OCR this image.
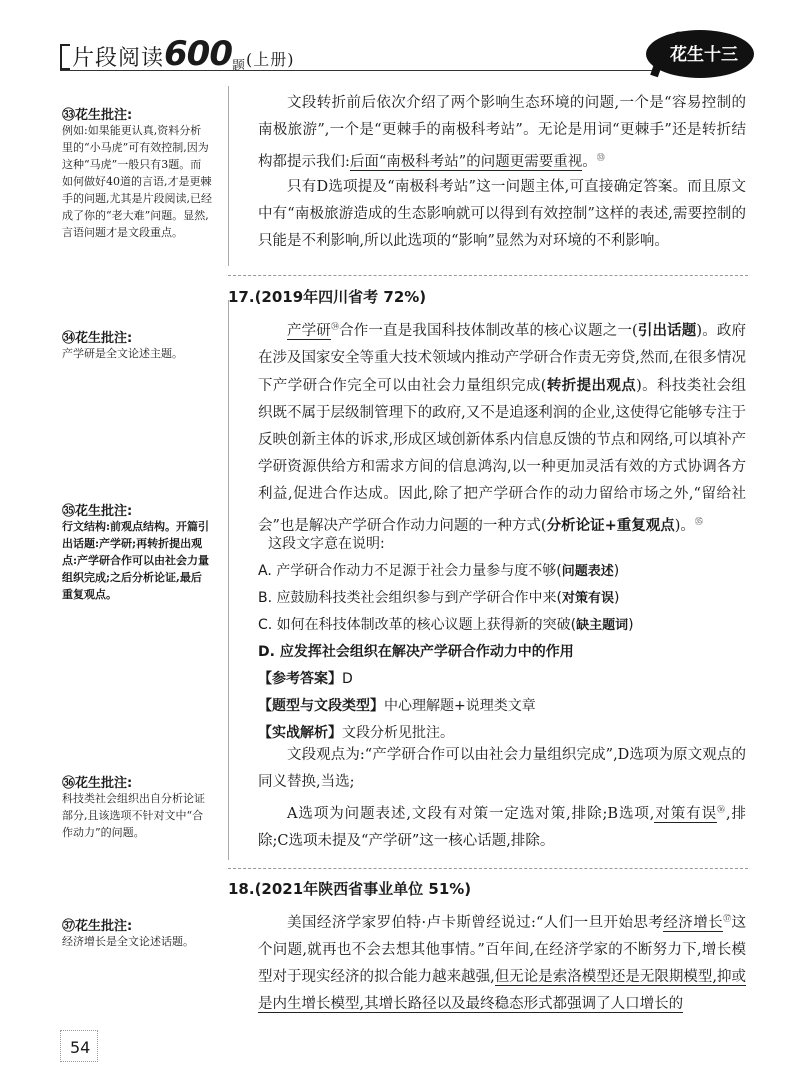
片段阅读600题(上册)	花生十三
㉝花生批注:
例如:如果能更认真,资料分析里的“小马虎”可有效控制,因为这种“马虎”一般只有3题。而如何做好40道的言语,才是更棘手的问题,尤其是片段阅读,已经成了你的“老大难”问题。显然,言语问题才是文段重点。
㉞花生批注:
产学研是全文论述主题。
㉟花生批注:
行文结构:前观点结构。开篇引出话题:产学研;再转折提出观点:产学研合作可以由社会力量组织完成;之后分析论证,最后重复观点。
㊱花生批注:
科技类社会组织出自分析论证部分,且该选项不针对文中“合作动力”的问题。
㊲花生批注:
经济增长是全文论述话题。
文段转折前后依次介绍了两个影响生态环境的问题,一个是“容易控制的南极旅游”,一个是“更棘手的南极科考站”。无论是用词“更棘手”还是转折结构都提示我们:后面“南极科考站”的问题更需要重视。$^㉝$
只有D选项提及“南极科考站”这一问题主体,可直接确定答案。而且原文中有“南极旅游造成的生态影响就可以得到有效控制”这样的表述,需要控制的只能是不利影响,所以此选项的“影响”显然为对环境的不利影响。
17.(2019年四川省考 72%)
产学研$^㉞$合作一直是我国科技体制改革的核心议题之一(引出话题)。政府在涉及国家安全等重大技术领域内推动产学研合作责无旁贷,然而,在很多情况下产学研合作完全可以由社会力量组织完成(转折提出观点)。科技类社会组织既不属于层级制管理下的政府,又不是追逐利润的企业,这使得它能够专注于反映创新主体的诉求,形成区域创新体系内信息反馈的节点和网络,可以填补产学研资源供给方和需求方间的信息鸿沟,以一种更加灵活有效的方式协调各方利益,促进合作达成。因此,除了把产学研合作的动力留给市场之外,“留给社会”也是解决产学研合作动力问题的一种方式(分析论证+重复观点)。$^㉟$
这段文字意在说明:
A. 产学研合作动力不足源于社会力量参与度不够(问题表述)
B. 应鼓励科技类社会组织参与到产学研合作中来(对策有误)
C. 如何在科技体制改革的核心议题上获得新的突破(缺主题词)
D. 应发挥社会组织在解决产学研合作动力中的作用
【参考答案】D
【题型与文段类型】中心理解题+说理类文章
【实战解析】文段分析见批注。
文段观点为:“产学研合作可以由社会力量组织完成”,D选项为原文观点的同义替换,当选;
A选项为问题表述,文段有对策一定选对策,排除;B选项,对策有误$^㊱$,排除;C选项未提及“产学研”这一核心话题,排除。
18.(2021年陕西省事业单位 51%)
美国经济学家罗伯特·卢卡斯曾经说过:“人们一旦开始思考经济增长$^㊲$这个问题,就再也不会去想其他事情。”百年间,在经济学家的不断努力下,增长模型对于现实经济的拟合能力越来越强,但无论是索洛模型还是无限期模型,抑或是内生增长模型,其增长路径以及最终稳态形式都强调了人口增长的
54
